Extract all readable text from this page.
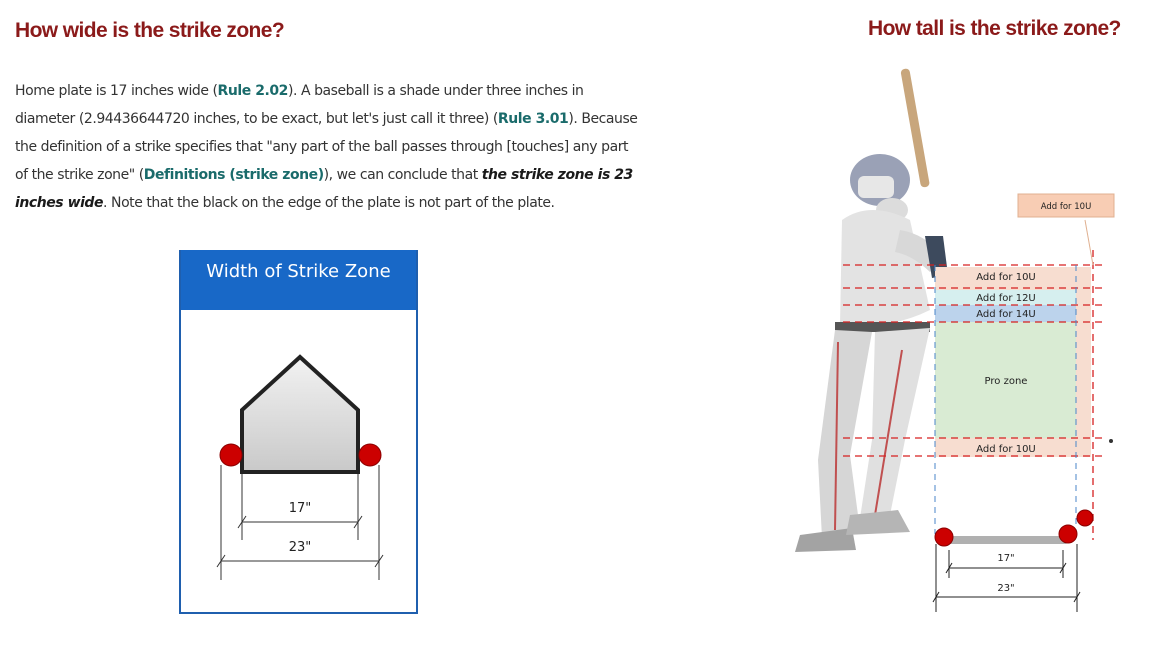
How wide is the strike zone?

Home plate is 17 inches wide (Rule 2.02). A baseball is a shade under three inches in diameter (2.94436644720 inches, to be exact, but let's just call it three) (Rule 3.01). Because the definition of a strike specifies that "any part of the ball passes through [touches] any part of the strike zone" (Definitions (strike zone)), we can conclude that the strike zone is 23 inches wide. Note that the black on the edge of the plate is not part of the plate.

Width of Strike Zone
17"
23"
How tall is the strike zone?
Add for 10U
Add for 10U
Add for 12U
Add for 14U
Pro zone
Add for 10U
17"
23"
